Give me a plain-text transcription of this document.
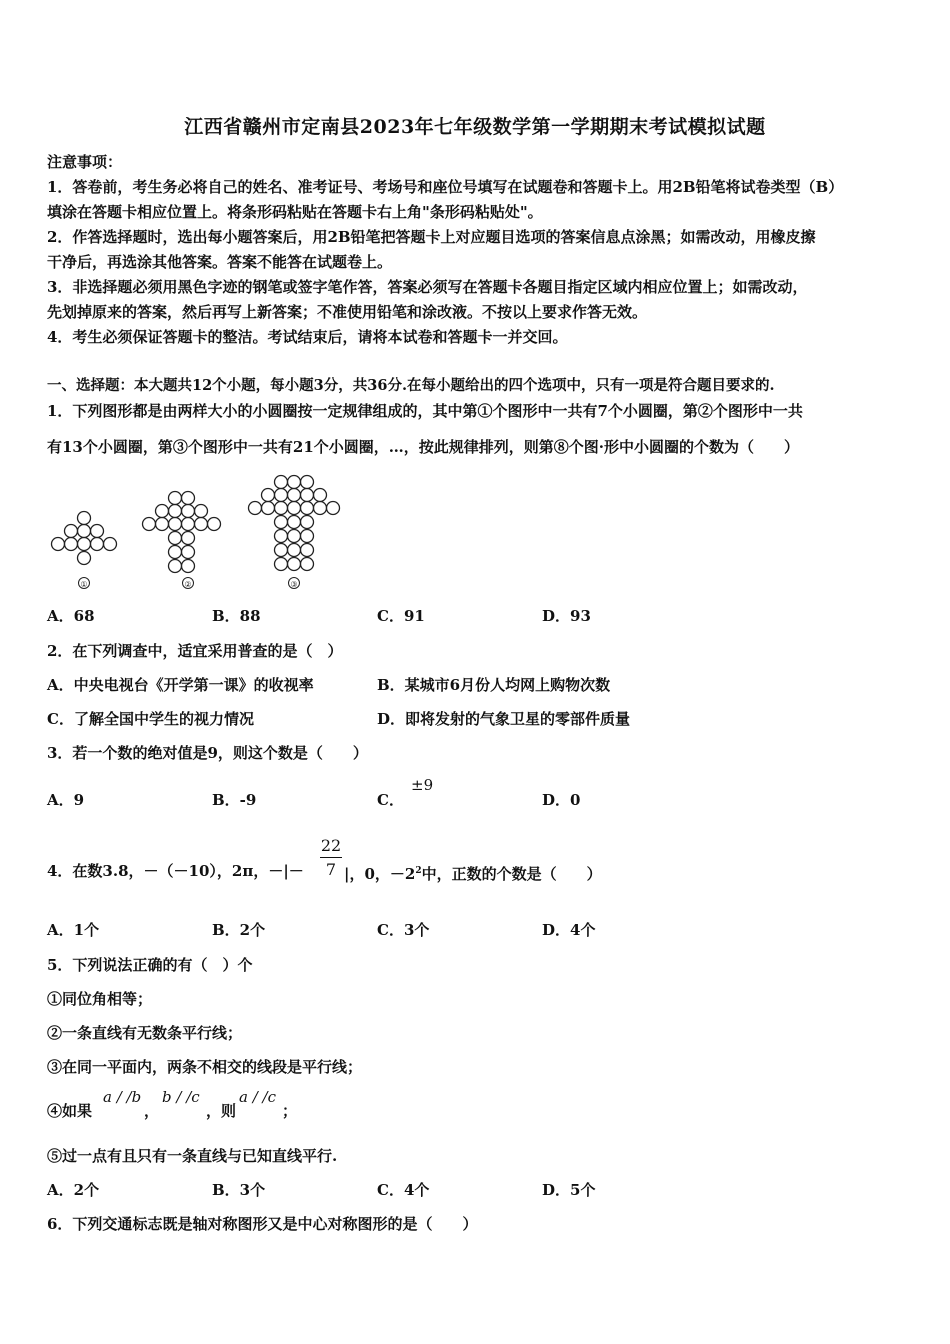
江西省赣州市定南县2023年七年级数学第一学期期末考试模拟试题
注意事项：
1．答卷前，考生务必将自己的姓名、准考证号、考场号和座位号填写在试题卷和答题卡上。用2B铅笔将试卷类型（B）
填涂在答题卡相应位置上。将条形码粘贴在答题卡右上角"条形码粘贴处"。
2．作答选择题时，选出每小题答案后，用2B铅笔把答题卡上对应题目选项的答案信息点涂黑；如需改动，用橡皮擦
干净后，再选涂其他答案。答案不能答在试题卷上。
3．非选择题必须用黑色字迹的钢笔或签字笔作答，答案必须写在答题卡各题目指定区域内相应位置上；如需改动，
先划掉原来的答案，然后再写上新答案；不准使用铅笔和涂改液。不按以上要求作答无效。
4．考生必须保证答题卡的整洁。考试结束后，请将本试卷和答题卡一并交回。
一、选择题：本大题共12个小题，每小题3分，共36分.在每小题给出的四个选项中，只有一项是符合题目要求的.
1．下列图形都是由两样大小的小圆圈按一定规律组成的，其中第①个图形中一共有7个小圆圈，第②个图形中一共
有13个小圆圈，第③个图形中一共有21个小圆圈，…，按此规律排列，则第⑧个图·形中小圆圈的个数为（　　）
①	②	③
A．68	B．88	C．91	D．93
2．在下列调查中，适宜采用普查的是（　）
A．中央电视台《开学第一课》的收视率	B．某城市6月份人均网上购物次数
C．了解全国中学生的视力情况	D．即将发射的气象卫星的零部件质量
3．若一个数的绝对值是9，则这个数是（　　）
A．9	B．-9	C．
±9
D．0
4．在数3.8，－（－10），2π，－|－
22
7 |，0，$-2^2$中，正数的个数是（　　）
A．1个	B．2个	C．3个	D．4个
5．下列说法正确的有（　）个
①同位角相等；
②一条直线有无数条平行线；
③在同一平面内，两条不相交的线段是平行线；
④如果
a / /b
，
b / /c
，则
a / /c
；
⑤过一点有且只有一条直线与已知直线平行.
A．2个	B．3个	C．4个	D．5个
6．下列交通标志既是轴对称图形又是中心对称图形的是（　　）
